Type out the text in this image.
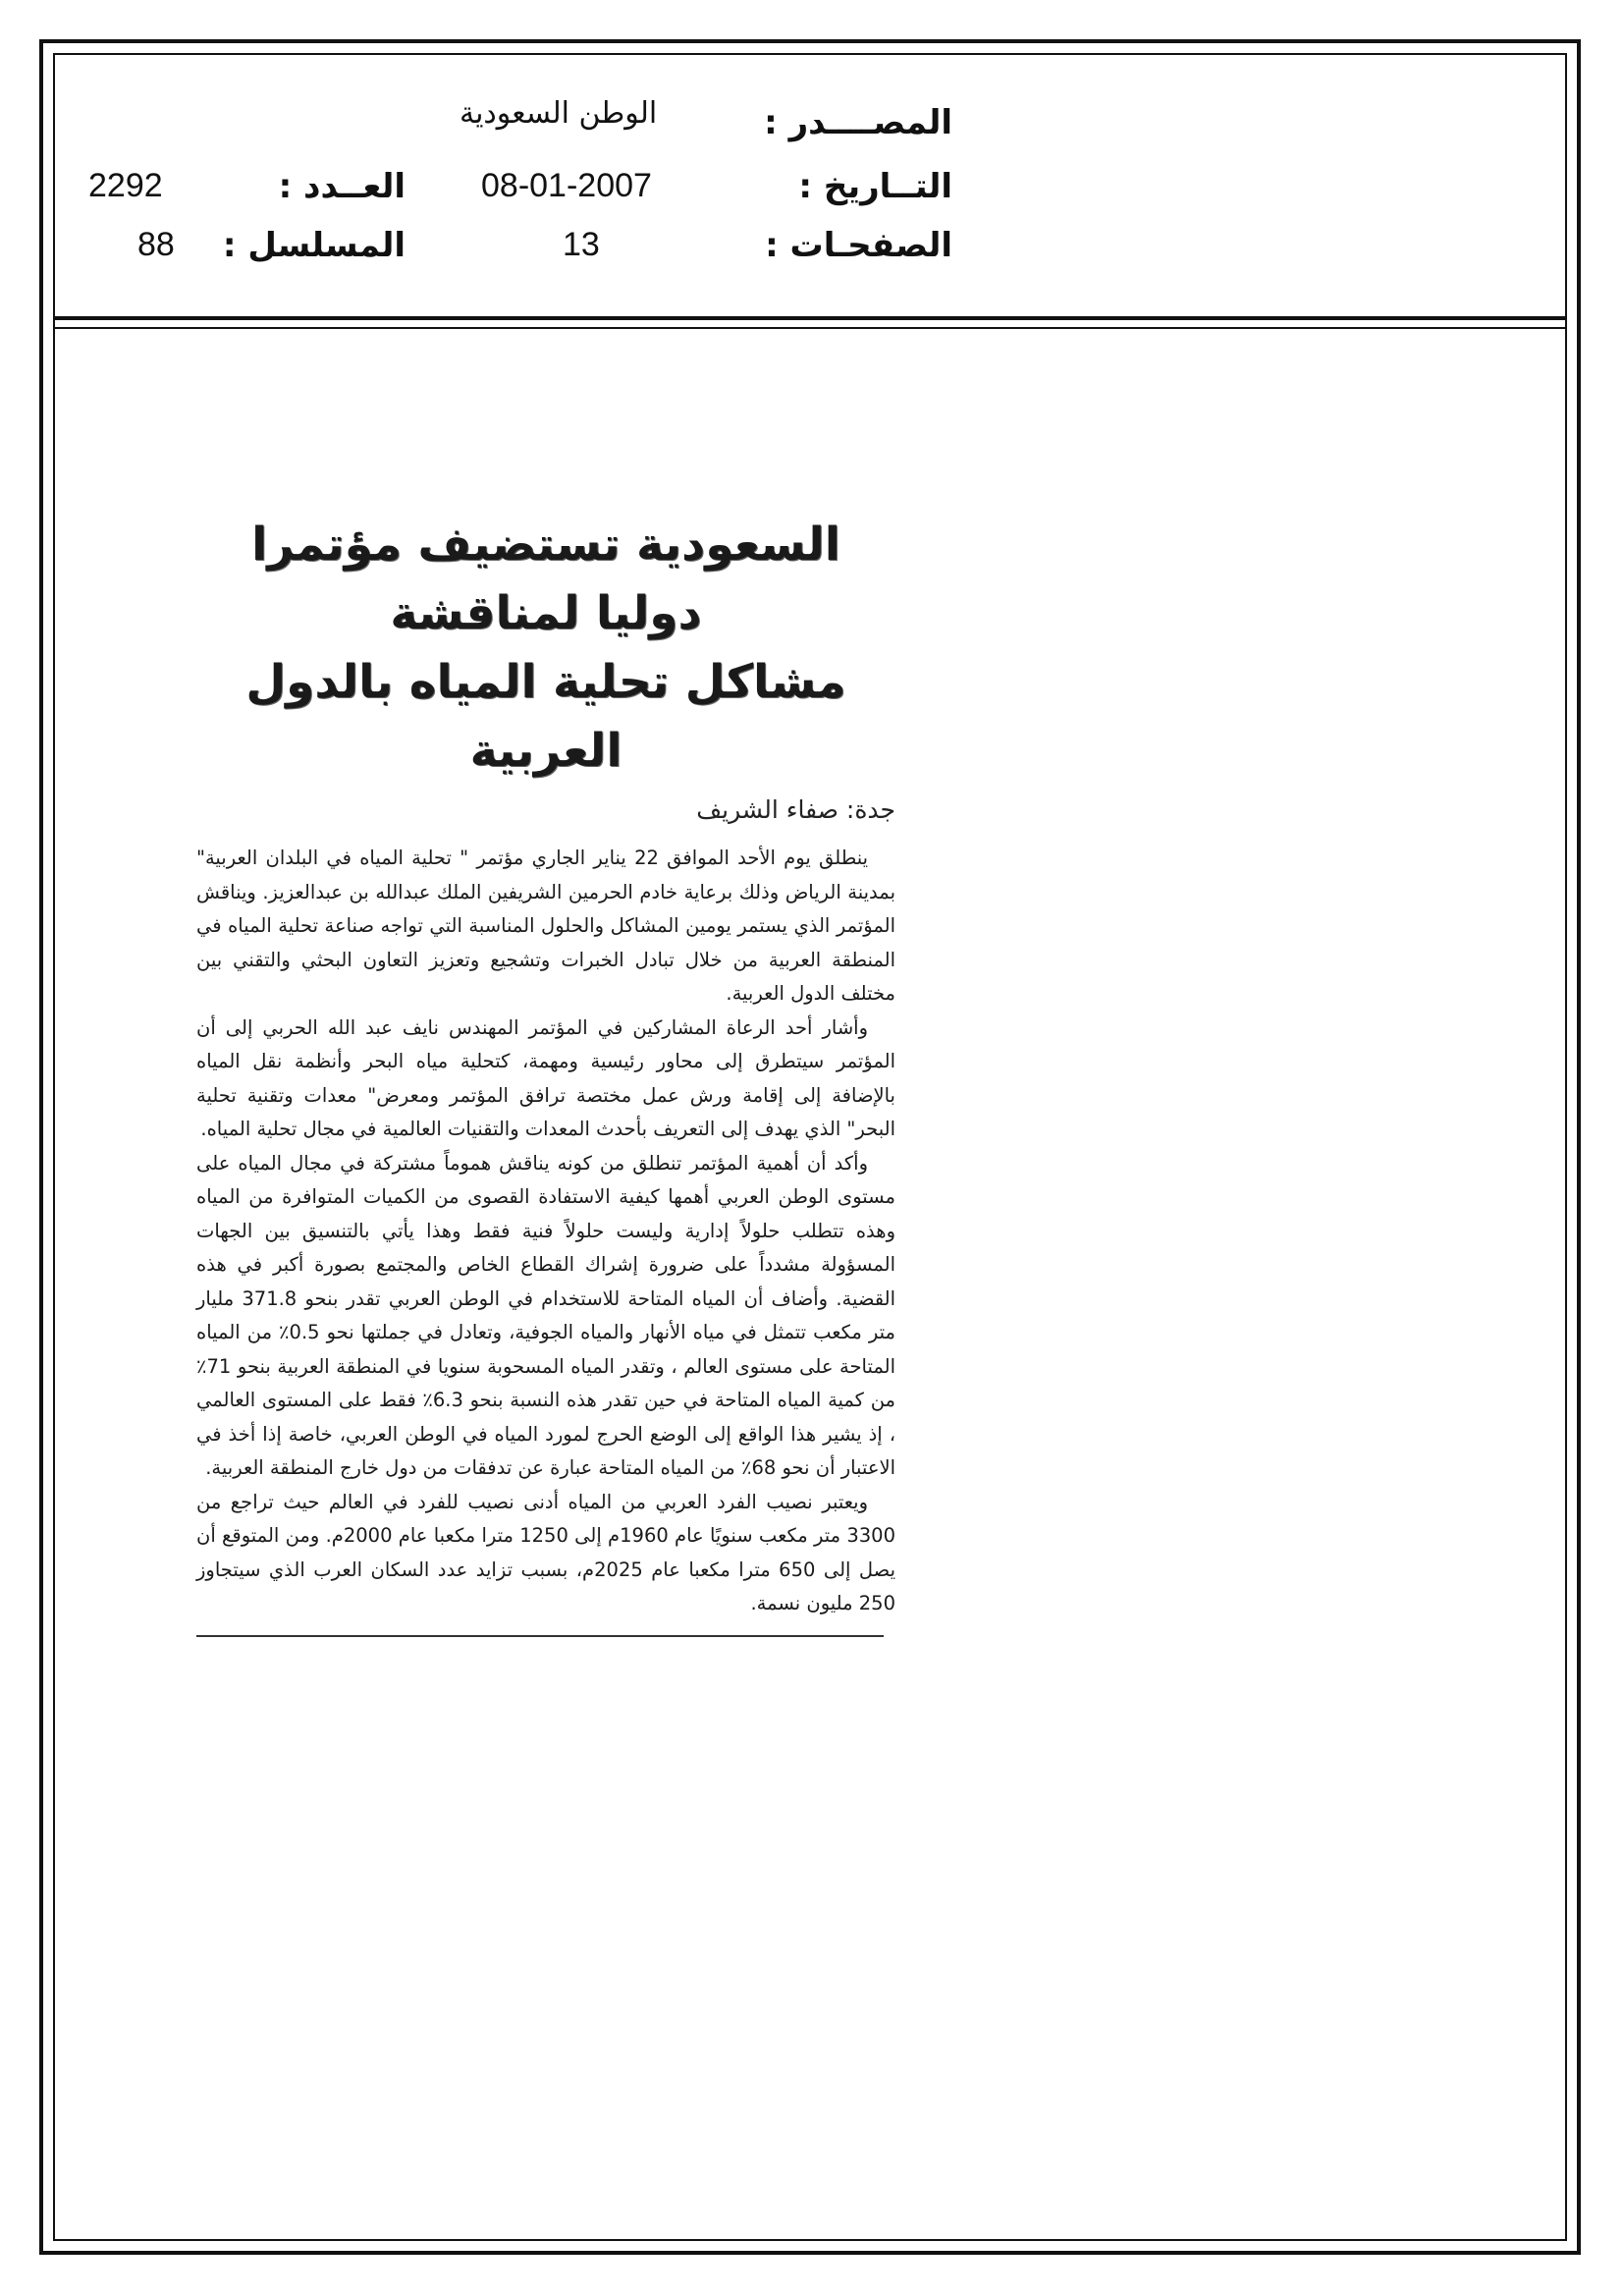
المصــــدر :
الوطن السعودية
التــاريخ :
08-01-2007
العــدد :
2292
الصفحـات :
13
المسلسل :
88
السعودية تستضيف مؤتمرا دوليا لمناقشة
مشاكل تحلية المياه بالدول العربية
جدة: صفاء الشريف

ينطلق يوم الأحد الموافق 22 يناير الجاري مؤتمر " تحلية المياه في البلدان العربية" بمدينة الرياض وذلك برعاية خادم الحرمين الشريفين الملك عبدالله بن عبدالعزيز. ويناقش المؤتمر الذي يستمر يومين المشاكل والحلول المناسبة التي تواجه صناعة تحلية المياه في المنطقة العربية من خلال تبادل الخبرات وتشجيع وتعزيز التعاون البحثي والتقني بين مختلف الدول العربية.

وأشار أحد الرعاة المشاركين في المؤتمر المهندس نايف عبد الله الحربي إلى أن المؤتمر سيتطرق إلى محاور رئيسية ومهمة، كتحلية مياه البحر وأنظمة نقل المياه بالإضافة إلى إقامة ورش عمل مختصة ترافق المؤتمر ومعرض" معدات وتقنية تحلية البحر" الذي يهدف إلى التعريف بأحدث المعدات والتقنيات العالمية في مجال تحلية المياه.

وأكد أن أهمية المؤتمر تنطلق من كونه يناقش هموماً مشتركة في مجال المياه على مستوى الوطن العربي أهمها كيفية الاستفادة القصوى من الكميات المتوافرة من المياه وهذه تتطلب حلولاً إدارية وليست حلولاً فنية فقط وهذا يأتي بالتنسيق بين الجهات المسؤولة مشدداً على ضرورة إشراك القطاع الخاص والمجتمع بصورة أكبر في هذه القضية. وأضاف أن المياه المتاحة للاستخدام في الوطن العربي تقدر بنحو 371.8 مليار متر مكعب تتمثل في مياه الأنهار والمياه الجوفية، وتعادل في جملتها نحو 0.5٪ من المياه المتاحة على مستوى العالم ، وتقدر المياه المسحوبة سنويا في المنطقة العربية بنحو 71٪ من كمية المياه المتاحة في حين تقدر هذه النسبة بنحو 6.3٪ فقط على المستوى العالمي ، إذ يشير هذا الواقع إلى الوضع الحرج لمورد المياه في الوطن العربي، خاصة إذا أخذ في الاعتبار أن نحو 68٪ من المياه المتاحة عبارة عن تدفقات من دول خارج المنطقة العربية.

ويعتبر نصيب الفرد العربي من المياه أدنى نصيب للفرد في العالم حيث تراجع من 3300 متر مكعب سنويًا عام 1960م إلى 1250 مترا مكعبا عام 2000م. ومن المتوقع أن يصل إلى 650 مترا مكعبا عام 2025م، بسبب تزايد عدد السكان العرب الذي سيتجاوز 250 مليون نسمة.
